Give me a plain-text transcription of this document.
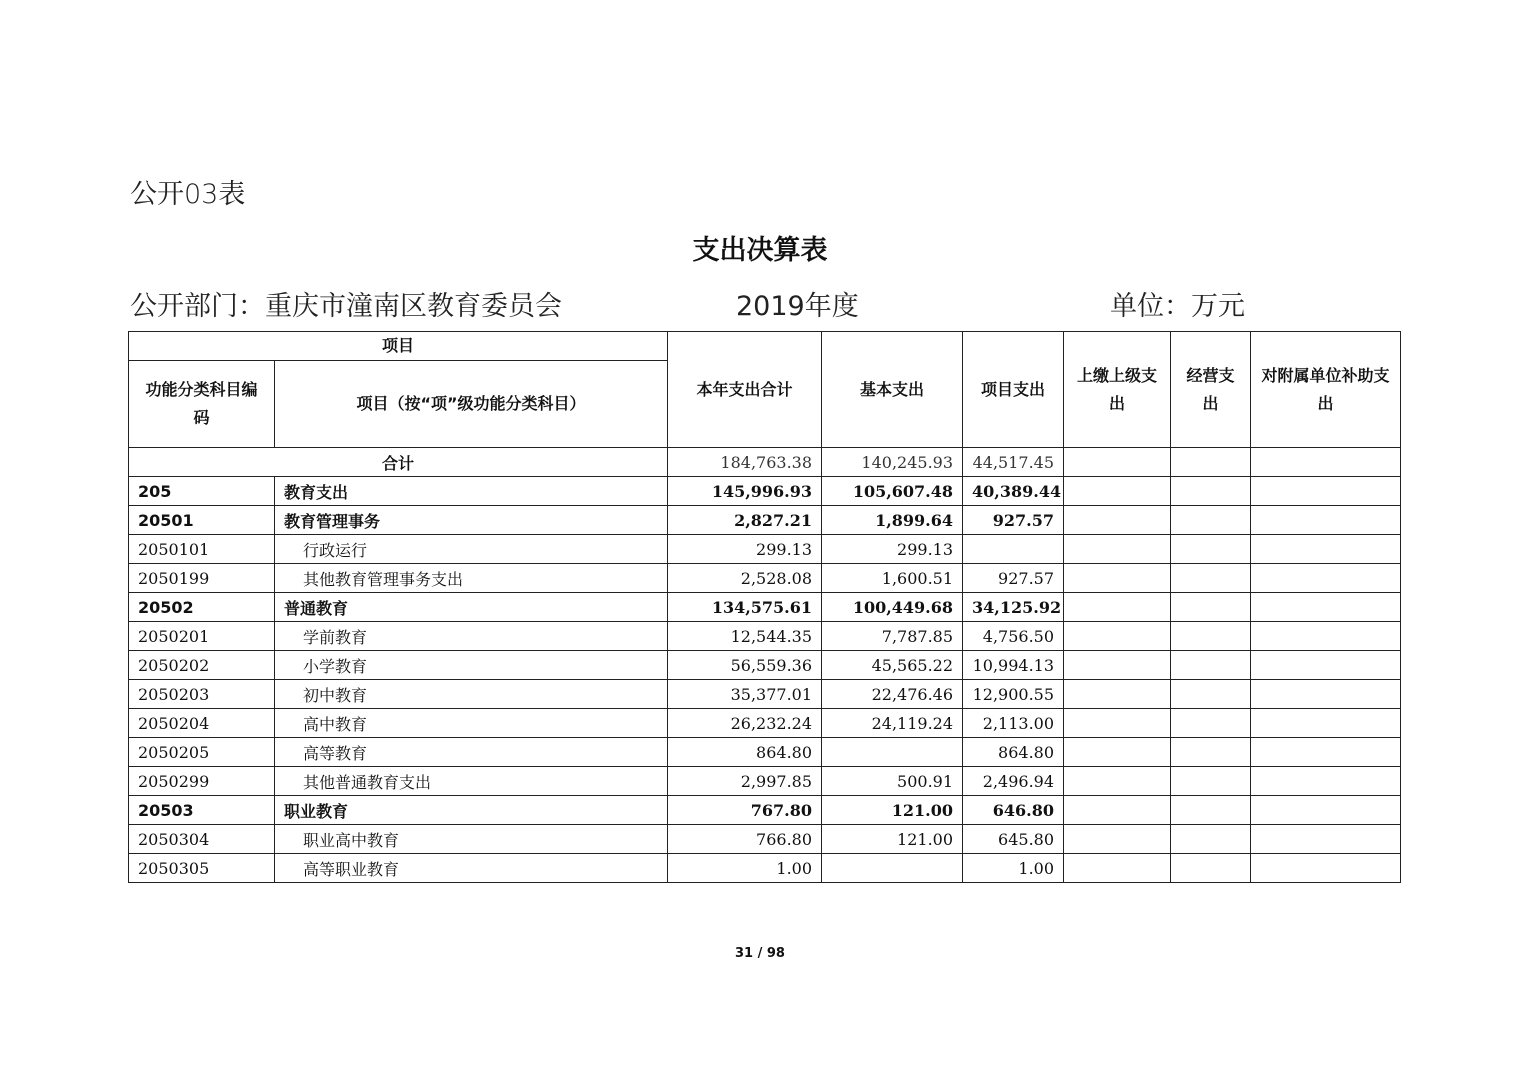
公开03表
支出决算表
公开部门：重庆市潼南区教育委员会	2019年度	单位：万元
项目		本年支出合计	基本支出	项目支出	上缴上级支出	经营支出	对附属单位补助支出
功能分类科目编码	项目（按“项”级功能分类科目）						
合计		184,763.38	140,245.93	44,517.45			
205	教育支出	145,996.93	105,607.48	40,389.44			
20501	教育管理事务	2,827.21	1,899.64	927.57			
2050101	行政运行	299.13	299.13				
2050199	其他教育管理事务支出	2,528.08	1,600.51	927.57			
20502	普通教育	134,575.61	100,449.68	34,125.92			
2050201	学前教育	12,544.35	7,787.85	4,756.50			
2050202	小学教育	56,559.36	45,565.22	10,994.13			
2050203	初中教育	35,377.01	22,476.46	12,900.55			
2050204	高中教育	26,232.24	24,119.24	2,113.00			
2050205	高等教育	864.80		864.80			
2050299	其他普通教育支出	2,997.85	500.91	2,496.94			
20503	职业教育	767.80	121.00	646.80			
2050304	职业高中教育	766.80	121.00	645.80			
2050305	高等职业教育	1.00		1.00			
31 / 98
